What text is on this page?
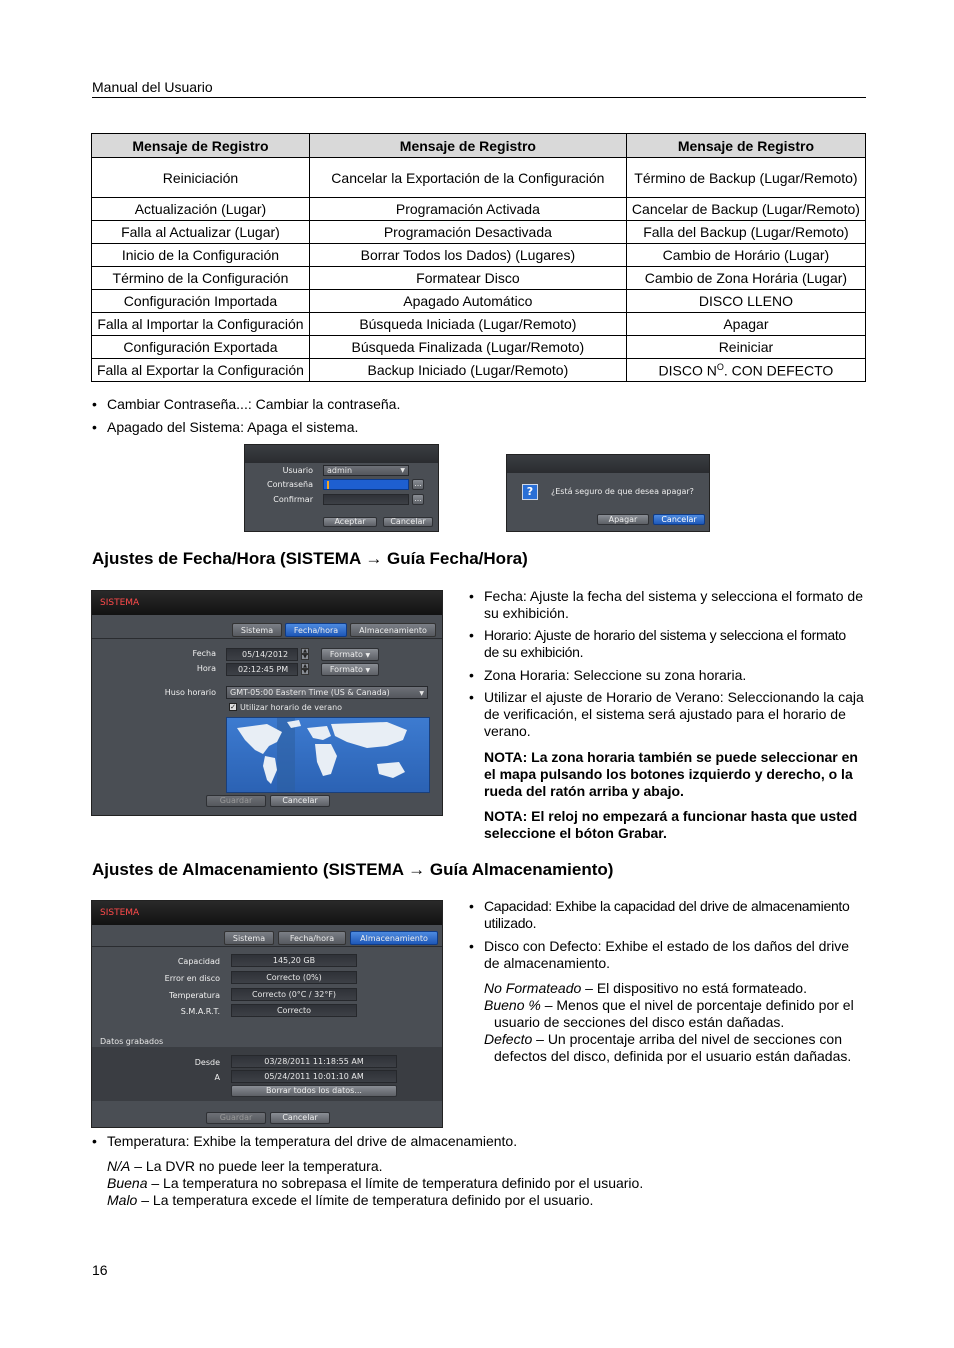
Manual del Usuario
Mensaje de Registro	Mensaje de Registro	Mensaje de Registro
Reiniciación	Cancelar la Exportación de la Configuración	Término de Backup (Lugar/Remoto)
Actualización (Lugar)	Programación Activada	Cancelar de Backup (Lugar/Remoto)
Falla al Actualizar (Lugar)	Programación Desactivada	Falla del Backup (Lugar/Remoto)
Inicio de la Configuración	Borrar Todos los Dados) (Lugares)	Cambio de Horário (Lugar)
Término de la Configuración	Formatear Disco	Cambio de Zona Horária (Lugar)
Configuración Importada	Apagado Automático	DISCO LLENO
Falla al Importar la Configuración	Búsqueda Iniciada (Lugar/Remoto)	Apagar
Configuración Exportada	Búsqueda Finalizada (Lugar/Remoto)	Reiniciar
Falla al Exportar la Configuración	Backup Iniciado (Lugar/Remoto)	DISCO $N^O$. CON DEFECTO
• Cambiar Contraseña...: Cambiar la contraseña.
• Apagado del Sistema: Apaga el sistema.
Usuario	admin	▼
Contraseña	...
Confirmar	...
Aceptar	Cancelar
?	¿Está seguro de que desea apagar?
Apagar	Cancelar
Ajustes de Fecha/Hora (SISTEMA → Guía Fecha/Hora)
SISTEMA
Sistema	Fecha/hora	Almacenamiento
Fecha	05/14/2012	▲
▼	Formato ▼
Hora	02:12:45 PM	▲
▼	Formato ▼
Huso horario	GMT-05:00 Eastern Time (US & Canada)	▼
✓ Utilizar horario de verano
Guardar	Cancelar
• Fecha: Ajuste la fecha del sistema y selecciona el formato de su exhibición.
• Horario: Ajuste de horario del sistema y selecciona el formato de su exhibición.
• Zona Horaria: Seleccione su zona horaria.
• Utilizar el ajuste de Horario de Verano: Seleccionando la caja de verificación, el sistema será ajustado para el horario de verano.
NOTA: La zona horaria también se puede seleccionar en el mapa pulsando los botones izquierdo y derecho, o la rueda del ratón arriba y abajo.
NOTA: El reloj no empezará a funcionar hasta que usted seleccione el bóton Grabar.
Ajustes de Almacenamiento (SISTEMA → Guía Almacenamiento)
SISTEMA
Sistema	Fecha/hora	Almacenamiento
Capacidad	145,20 GB
Error en disco	Correcto (0%)
Temperatura	Correcto (0°C / 32°F)
S.M.A.R.T.	Correcto
Datos grabados
Desde	03/28/2011 11:18:55 AM
A	05/24/2011 10:01:10 AM
Borrar todos los datos...
Guardar	Cancelar
• Capacidad: Exhibe la capacidad del drive de almacenamiento utilizado.
• Disco con Defecto: Exhibe el estado de los daños del drive de almacenamiento.
No Formateado – El dispositivo no está formateado.
Bueno % – Menos que el nivel de porcentaje definido por el usuario de secciones del disco están dañadas.
Defecto – Un procentaje arriba del nivel de secciones con defectos del disco, definida por el usuario están dañadas.
• Temperatura: Exhibe la temperatura del drive de almacenamiento.
N/A – La DVR no puede leer la temperatura.
Buena – La temperatura no sobrepasa el límite de temperatura definido por el usuario.
Malo – La temperatura excede el límite de temperatura definido por el usuario.
16
